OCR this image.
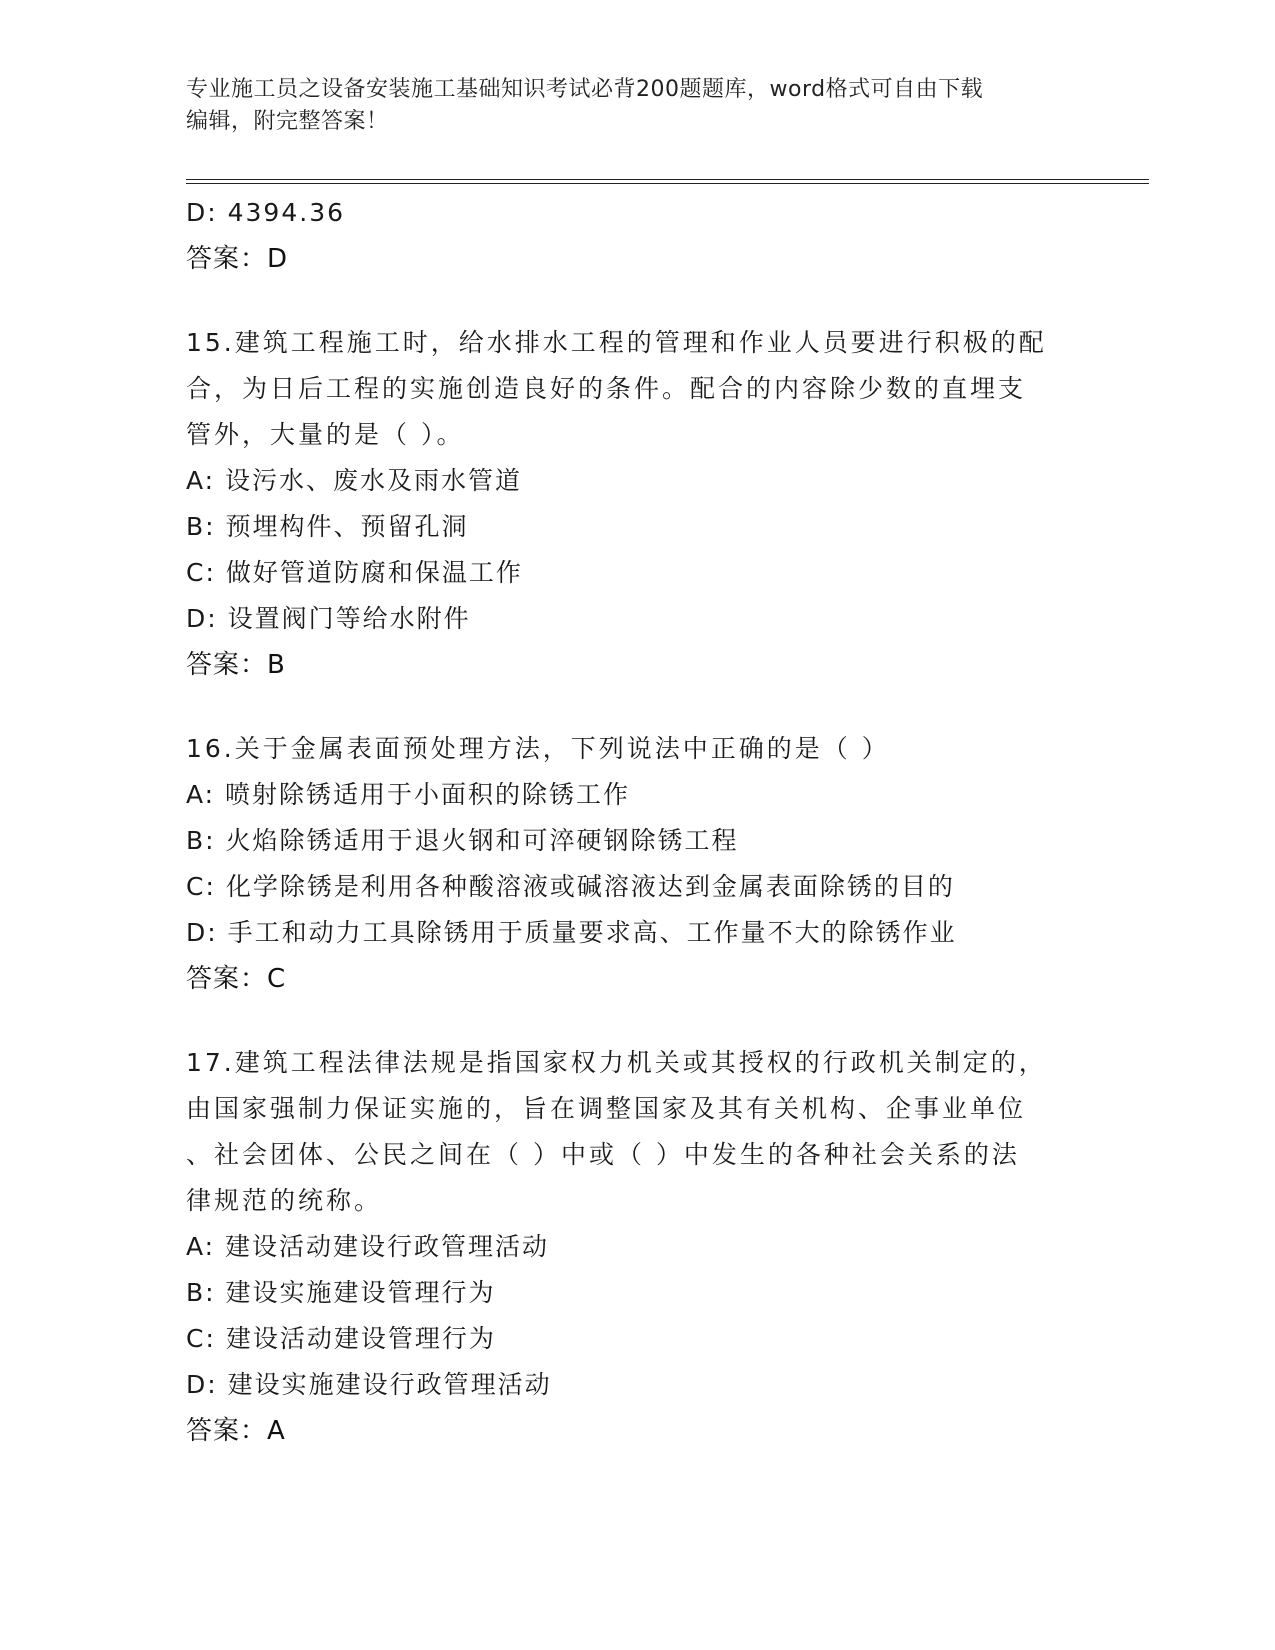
专业施工员之设备安装施工基础知识考试必背200题题库，word格式可自由下载
编辑，附完整答案！
D: 4394.36
答案：D
15.建筑工程施工时，给水排水工程的管理和作业人员要进行积极的配
合，为日后工程的实施创造良好的条件。配合的内容除少数的直埋支
管外，大量的是（ ）。
A: 设污水、废水及雨水管道
B: 预埋构件、预留孔洞
C: 做好管道防腐和保温工作
D: 设置阀门等给水附件
答案：B
16.关于金属表面预处理方法，下列说法中正确的是（ ）
A: 喷射除锈适用于小面积的除锈工作
B: 火焰除锈适用于退火钢和可淬硬钢除锈工程
C: 化学除锈是利用各种酸溶液或碱溶液达到金属表面除锈的目的
D: 手工和动力工具除锈用于质量要求高、工作量不大的除锈作业
答案：C
17.建筑工程法律法规是指国家权力机关或其授权的行政机关制定的，
由国家强制力保证实施的，旨在调整国家及其有关机构、企事业单位
、社会团体、公民之间在（ ）中或（ ）中发生的各种社会关系的法
律规范的统称。
A: 建设活动建设行政管理活动
B: 建设实施建设管理行为
C: 建设活动建设管理行为
D: 建设实施建设行政管理活动
答案：A
